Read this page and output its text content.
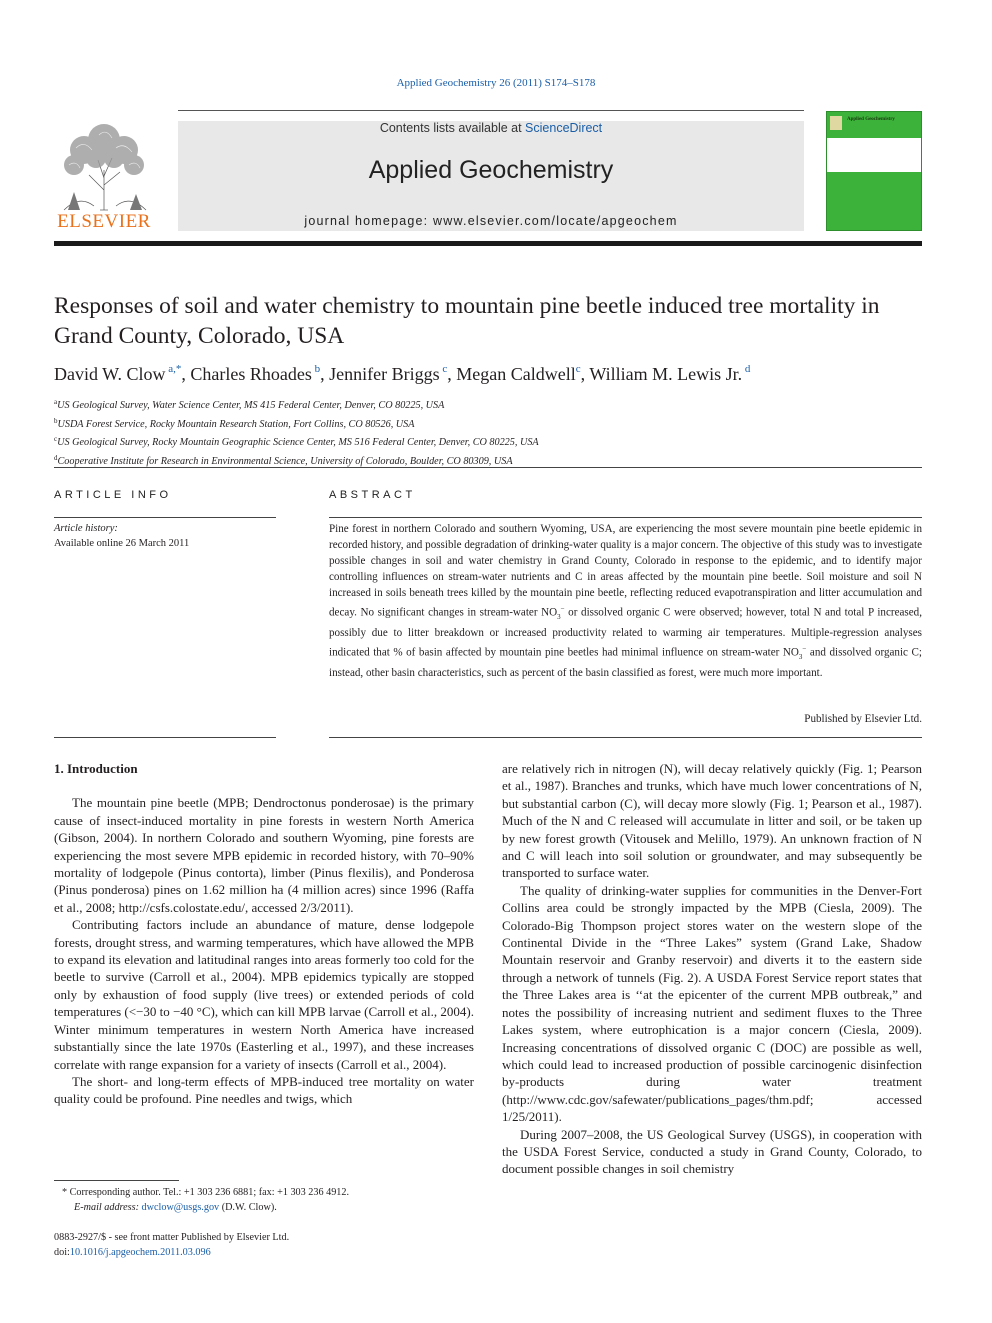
Applied Geochemistry 26 (2011) S174–S178
ELSEVIER
Contents lists available at ScienceDirect
Applied Geochemistry
journal homepage: www.elsevier.com/locate/apgeochem
Applied Geochemistry
Responses of soil and water chemistry to mountain pine beetle induced tree mortality in Grand County, Colorado, USA
David W. Clow $^{a,*}$, Charles Rhoades $^b$, Jennifer Briggs $^c$, Megan Caldwell$^c$, William M. Lewis Jr. $^d$
$^a$US Geological Survey, Water Science Center, MS 415 Federal Center, Denver, CO 80225, USA
$^b$USDA Forest Service, Rocky Mountain Research Station, Fort Collins, CO 80526, USA
$^c$US Geological Survey, Rocky Mountain Geographic Science Center, MS 516 Federal Center, Denver, CO 80225, USA
$^d$Cooperative Institute for Research in Environmental Science, University of Colorado, Boulder, CO 80309, USA
ARTICLE INFO	ABSTRACT
Article history:
Available online 26 March 2011
Pine forest in northern Colorado and southern Wyoming, USA, are experiencing the most severe mountain pine beetle epidemic in recorded history, and possible degradation of drinking-water quality is a major concern. The objective of this study was to investigate possible changes in soil and water chemistry in Grand County, Colorado in response to the epidemic, and to identify major controlling influences on stream-water nutrients and C in areas affected by the mountain pine beetle. Soil moisture and soil N increased in soils beneath trees killed by the mountain pine beetle, reflecting reduced evapotranspiration and litter accumulation and decay. No significant changes in stream-water $NO_3^-$ or dissolved organic C were observed; however, total N and total P increased, possibly due to litter breakdown or increased productivity related to warming air temperatures. Multiple-regression analyses indicated that % of basin affected by mountain pine beetles had minimal influence on stream-water $NO_3^-$ and dissolved organic C; instead, other basin characteristics, such as percent of the basin classified as forest, were much more important.
Published by Elsevier Ltd.

1. Introduction

The mountain pine beetle (MPB; Dendroctonus ponderosae) is the primary cause of insect-induced mortality in pine forests in western North America (Gibson, 2004). In northern Colorado and southern Wyoming, pine forests are experiencing the most severe MPB epidemic in recorded history, with 70–90% mortality of lodgepole (Pinus contorta), limber (Pinus flexilis), and Ponderosa (Pinus ponderosa) pines on 1.62 million ha (4 million acres) since 1996 (Raffa et al., 2008; http://csfs.colostate.edu/, accessed 2/3/2011).

Contributing factors include an abundance of mature, dense lodgepole forests, drought stress, and warming temperatures, which have allowed the MPB to expand its elevation and latitudinal ranges into areas formerly too cold for the beetle to survive (Carroll et al., 2004). MPB epidemics typically are stopped only by exhaustion of food supply (live trees) or extended periods of cold temperatures (<−30 to −40 °C), which can kill MPB larvae (Carroll et al., 2004). Winter minimum temperatures in western North America have increased substantially since the late 1970s (Easterling et al., 1997), and these increases correlate with range expansion for a variety of insects (Carroll et al., 2004).

The short- and long-term effects of MPB-induced tree mortality on water quality could be profound. Pine needles and twigs, which

are relatively rich in nitrogen (N), will decay relatively quickly (Fig. 1; Pearson et al., 1987). Branches and trunks, which have much lower concentrations of N, but substantial carbon (C), will decay more slowly (Fig. 1; Pearson et al., 1987). Much of the N and C released will accumulate in litter and soil, or be taken up by new forest growth (Vitousek and Melillo, 1979). An unknown fraction of N and C will leach into soil solution or groundwater, and may subsequently be transported to surface water.

The quality of drinking-water supplies for communities in the Denver-Fort Collins area could be strongly impacted by the MPB (Ciesla, 2009). The Colorado-Big Thompson project stores water on the western slope of the Continental Divide in the “Three Lakes” system (Grand Lake, Shadow Mountain reservoir and Granby reservoir) and diverts it to the eastern side through a network of tunnels (Fig. 2). A USDA Forest Service report states that the Three Lakes area is ‘‘at the epicenter of the current MPB outbreak,” and notes the possibility of increasing nutrient and sediment fluxes to the Three Lakes system, where eutrophication is a major concern (Ciesla, 2009). Increasing concentrations of dissolved organic C (DOC) are possible as well, which could lead to increased production of possible carcinogenic disinfection by-products during water treatment (http://www.cdc.gov/safewater/publications_pages/thm.pdf; accessed 1/25/2011).

During 2007–2008, the US Geological Survey (USGS), in cooperation with the USDA Forest Service, conducted a study in Grand County, Colorado, to document possible changes in soil chemistry

* Corresponding author. Tel.: +1 303 236 6881; fax: +1 303 236 4912.
E-mail address: dwclow@usgs.gov (D.W. Clow).
0883-2927/$ - see front matter Published by Elsevier Ltd.
doi:10.1016/j.apgeochem.2011.03.096
